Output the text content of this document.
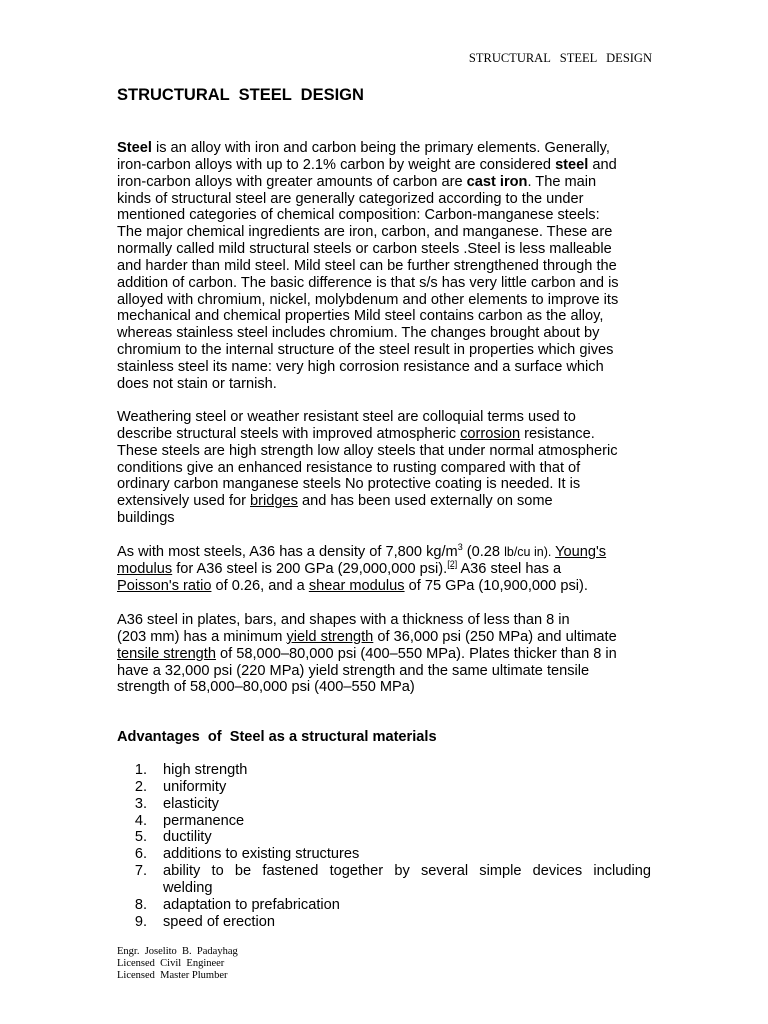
STRUCTURAL   STEEL   DESIGN
STRUCTURAL  STEEL  DESIGN
Steel is an alloy with iron and carbon being the primary elements. Generally,
iron-carbon alloys with up to 2.1% carbon by weight are considered steel and
iron-carbon alloys with greater amounts of carbon are cast iron. The main
kinds of structural steel are generally categorized according to the under
mentioned categories of chemical composition: Carbon-manganese steels:
The major chemical ingredients are iron, carbon, and manganese. These are
normally called mild structural steels or carbon steels .Steel is less malleable
and harder than mild steel. Mild steel can be further strengthened through the
addition of carbon. The basic difference is that s/s has very little carbon and is
alloyed with chromium, nickel, molybdenum and other elements to improve its
mechanical and chemical properties Mild steel contains carbon as the alloy,
whereas stainless steel includes chromium. The changes brought about by
chromium to the internal structure of the steel result in properties which gives
stainless steel its name: very high corrosion resistance and a surface which
does not stain or tarnish.
Weathering steel or weather resistant steel are colloquial terms used to
describe structural steels with improved atmospheric corrosion resistance.
These steels are high strength low alloy steels that under normal atmospheric
conditions give an enhanced resistance to rusting compared with that of
ordinary carbon manganese steels No protective coating is needed. It is
extensively used for bridges and has been used externally on some
buildings
As with most steels, A36 has a density of 7,800 $kg/m^3$ (0.28 lb/cu in). Young's
modulus for A36 steel is 200 GPa (29,000,000 psi).[2] A36 steel has a
Poisson's ratio of 0.26, and a shear modulus of 75 GPa (10,900,000 psi).
A36 steel in plates, bars, and shapes with a thickness of less than 8 in
(203 mm) has a minimum yield strength of 36,000 psi (250 MPa) and ultimate
tensile strength of 58,000–80,000 psi (400–550 MPa). Plates thicker than 8 in
have a 32,000 psi (220 MPa) yield strength and the same ultimate tensile
strength of 58,000–80,000 psi (400–550 MPa)
Advantages  of  Steel as a structural materials
1.	high strength
2.	uniformity
3.	elasticity
4.	permanence
5.	ductility
6.	additions to existing structures
7. ability to be fastened together by several simple devices including
welding
8.	adaptation to prefabrication
9.	speed of erection
Engr.  Joselito  B.  Padayhag
Licensed  Civil  Engineer
Licensed  Master Plumber
